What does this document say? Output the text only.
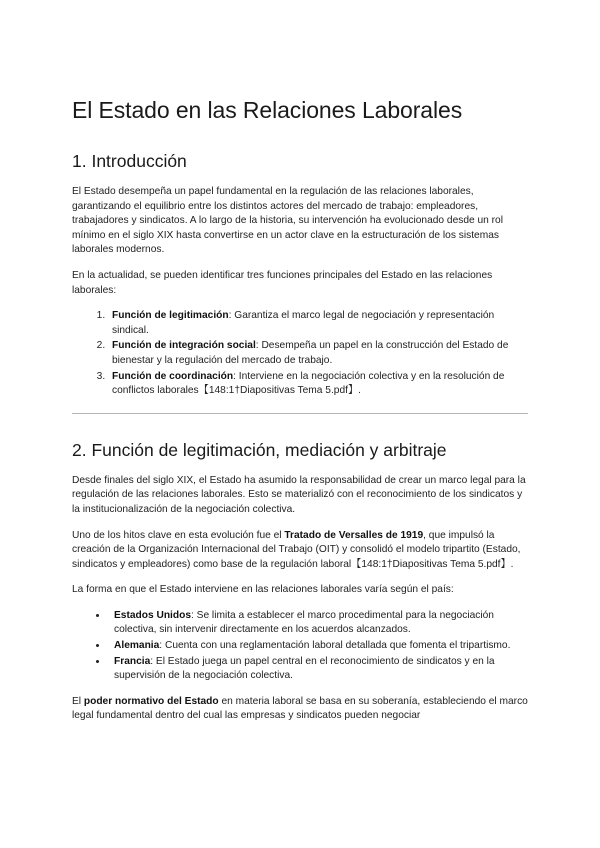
El Estado en las Relaciones Laborales
1. Introducción

El Estado desempeña un papel fundamental en la regulación de las relaciones laborales, garantizando el equilibrio entre los distintos actores del mercado de trabajo: empleadores, trabajadores y sindicatos. A lo largo de la historia, su intervención ha evolucionado desde un rol mínimo en el siglo XIX hasta convertirse en un actor clave en la estructuración de los sistemas laborales modernos.

En la actualidad, se pueden identificar tres funciones principales del Estado en las relaciones laborales:

1. Función de legitimación: Garantiza el marco legal de negociación y representación sindical.
2. Función de integración social: Desempeña un papel en la construcción del Estado de bienestar y la regulación del mercado de trabajo.
3. Función de coordinación: Interviene en la negociación colectiva y en la resolución de conflictos laborales【148:1†Diapositivas Tema 5.pdf】.
2. Función de legitimación, mediación y arbitraje

Desde finales del siglo XIX, el Estado ha asumido la responsabilidad de crear un marco legal para la regulación de las relaciones laborales. Esto se materializó con el reconocimiento de los sindicatos y la institucionalización de la negociación colectiva.

Uno de los hitos clave en esta evolución fue el Tratado de Versalles de 1919, que impulsó la creación de la Organización Internacional del Trabajo (OIT) y consolidó el modelo tripartito (Estado, sindicatos y empleadores) como base de la regulación laboral【148:1†Diapositivas Tema 5.pdf】.

La forma en que el Estado interviene en las relaciones laborales varía según el país:

• Estados Unidos: Se limita a establecer el marco procedimental para la negociación colectiva, sin intervenir directamente en los acuerdos alcanzados.
• Alemania: Cuenta con una reglamentación laboral detallada que fomenta el tripartismo.
• Francia: El Estado juega un papel central en el reconocimiento de sindicatos y en la supervisión de la negociación colectiva.

El poder normativo del Estado en materia laboral se basa en su soberanía, estableciendo el marco legal fundamental dentro del cual las empresas y sindicatos pueden negociar
